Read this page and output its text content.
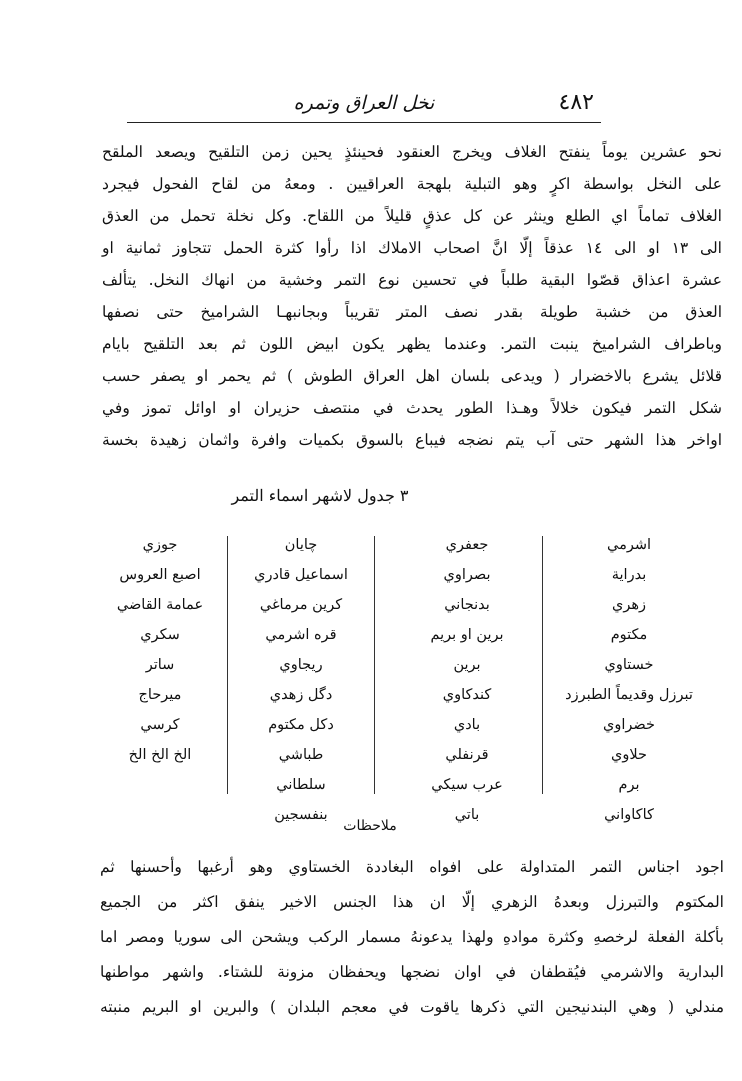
٤٨٢
نخل العراق وتمره
نحو عشرين يوماً ينفتح الغلاف ويخرج العنقود فحينئذٍ يحين زمن التلقيح ويصعد الملقح
على النخل بواسطة اكرٍ وهو التبلية بلهجة العراقيين . ومعهُ من لقاح الفحول فيجرد
الغلاف تماماً اي الطلع وينثر عن كل عذقٍ قليلاً من اللقاح. وكل نخلة تحمل من العذق
الى ١٣ او الى ١٤ عذقاً إلّا انَّ اصحاب الاملاك اذا رأوا كثرة الحمل تتجاوز ثمانية او
عشرة اعذاق قصّوا البقية طلباً في تحسين نوع التمر وخشية من انهاك النخل. يتألف
العذق من خشبة طويلة بقدر نصف المتر تقريباً وبجانبهـا الشراميخ حتى نصفها
وباطراف الشراميخ ينبت التمر. وعندما يظهر يكون ابيض اللون ثم بعد التلقيح بايام
قلائل يشرع بالاخضرار ( ويدعى بلسان اهل العراق الطوش ) ثم يحمر او يصفر حسب
شكل التمر فيكون خلالاً وهـذا الطور يحدث في منتصف حزيران او اوائل تموز وفي
اواخر هذا الشهر حتى آب يتم نضجه فيباع بالسوق بكميات وافرة واثمان زهيدة بخسة
٣ جدول لاشهر اسماء التمر
اشرمي
بدراية
زهري
مكتوم
خستاوي
تبرزل وقديماً الطبرزد
خضراوي
حلاوي
برم
كاكاواني
جعفري
بصراوي
بدنجاني
برين او بريم
برين
كندكاوي
بادي
قرنفلي
عرب سيكي
باتي
چايان
اسماعيل قادري
كرين مرماغي
قره اشرمي
ريجاوي
دگل زهدي
دكل مكتوم
طباشي
سلطاني
بنفسجين
جوزي
اصبع العروس
عمامة القاضي
سكري
ساتر
ميرحاج
كرسي
الخ الخ الخ
ملاحظات
اجود اجناس التمر المتداولة على افواه البغاددة الخستاوي وهو أرغبها وأحسنها ثم
المكتوم والتبرزل وبعدهُ الزهري إلّا ان هذا الجنس الاخير ينفق اكثر من الجميع
بأكلة الفعلة لرخصهِ وكثرة موادهِ ولهذا يدعونهُ مسمار الركب ويشحن الى سوريا ومصر اما
البدارية والاشرمي فيُقطفان في اوان نضجها ويحفظان مزونة للشتاء. واشهر مواطنها
مندلي ( وهي البندنيجين التي ذكرها ياقوت في معجم البلدان ) والبرين او البريم منبته
